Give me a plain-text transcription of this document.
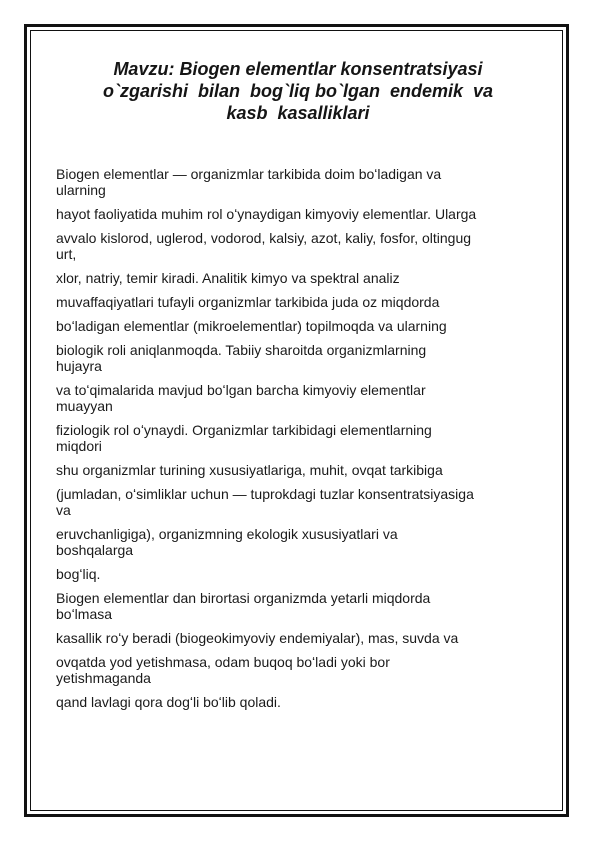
Mavzu: Biogen elementlar konsentratsiyasi
o`zgarishi  bilan  bog`liq bo`lgan  endemik  va
kasb  kasalliklari
Biogen elementlar — organizmlar tarkibida doim boʻladigan va
ularning
hayot faoliyatida muhim rol oʻynaydigan kimyoviy elementlar. Ularga
avvalo kislorod, uglerod, vodorod, kalsiy, azot, kaliy, fosfor, oltingug
urt,
xlor, natriy, temir kiradi. Analitik kimyo va spektral analiz
muvaffaqiyatlari tufayli organizmlar tarkibida juda oz miqdorda
boʻladigan elementlar (mikroelementlar) topilmoqda va ularning
biologik roli aniqlanmoqda. Tabiiy sharoitda organizmlarning
hujayra
va toʻqimalarida mavjud boʻlgan barcha kimyoviy elementlar
muayyan
fiziologik rol oʻynaydi. Organizmlar tarkibidagi elementlarning
miqdori
shu organizmlar turining xususiyatlariga, muhit, ovqat tarkibiga
(jumladan, oʻsimliklar uchun — tuprokdagi tuzlar konsentratsiyasiga
va
eruvchanligiga), organizmning ekologik xususiyatlari va
boshqalarga
bogʻliq.
Biogen elementlar dan birortasi organizmda yetarli miqdorda
boʻlmasa
kasallik roʻy beradi (biogeokimyoviy endemiyalar), mas, suvda va
ovqatda yod yetishmasa, odam buqoq boʻladi yoki bor
yetishmaganda
qand lavlagi qora dogʻli boʻlib qoladi.
